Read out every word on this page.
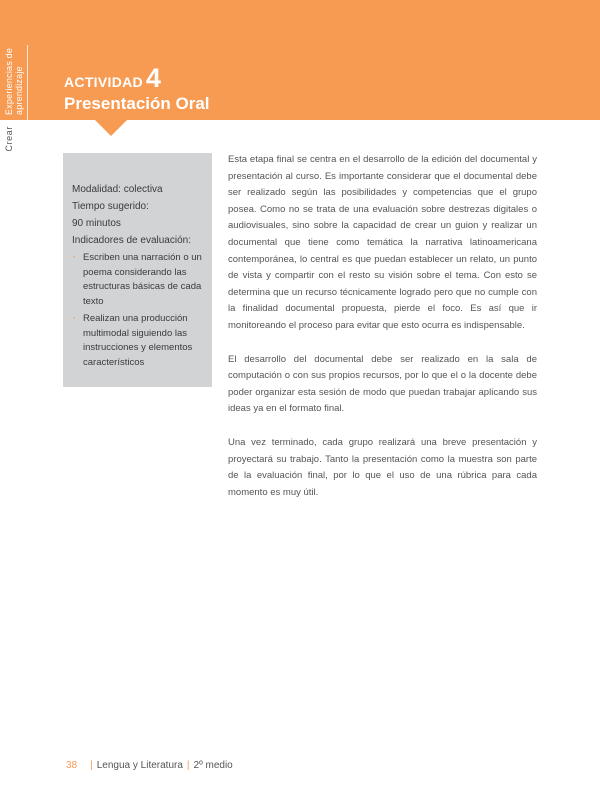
Experiencias de aprendizaje
Crear
ACTIVIDAD 4
Presentación Oral

Modalidad: colectiva

Tiempo sugerido:

90 minutos

Indicadores de evaluación:

· Escriben una narración o un poema considerando las estructuras básicas de cada texto
· Realizan una producción multimodal siguiendo las instrucciones y elementos característicos

Esta etapa final se centra en el desarrollo de la edición del documental y presentación al curso. Es importante considerar que el documental debe ser realizado según las posibilidades y competencias que el grupo posea. Como no se trata de una evaluación sobre destrezas digitales o audiovisuales, sino sobre la capacidad de crear un guion y realizar un documental que tiene como temática la narrativa latinoamericana contemporánea, lo central es que puedan establecer un relato, un punto de vista y compartir con el resto su visión sobre el tema. Con esto se determina que un recurso técnicamente logrado pero que no cumple con la finalidad documental propuesta, pierde el foco. Es así que ir monitoreando el proceso para evitar que esto ocurra es indispensable.

El desarrollo del documental debe ser realizado en la sala de computación o con sus propios recursos, por lo que el o la docente debe poder organizar esta sesión de modo que puedan trabajar aplicando sus ideas ya en el formato final.

Una vez terminado, cada grupo realizará una breve presentación y proyectará su trabajo. Tanto la presentación como la muestra son parte de la evaluación final, por lo que el uso de una rúbrica para cada momento es muy útil.

38 | Lengua y Literatura | 2º medio
